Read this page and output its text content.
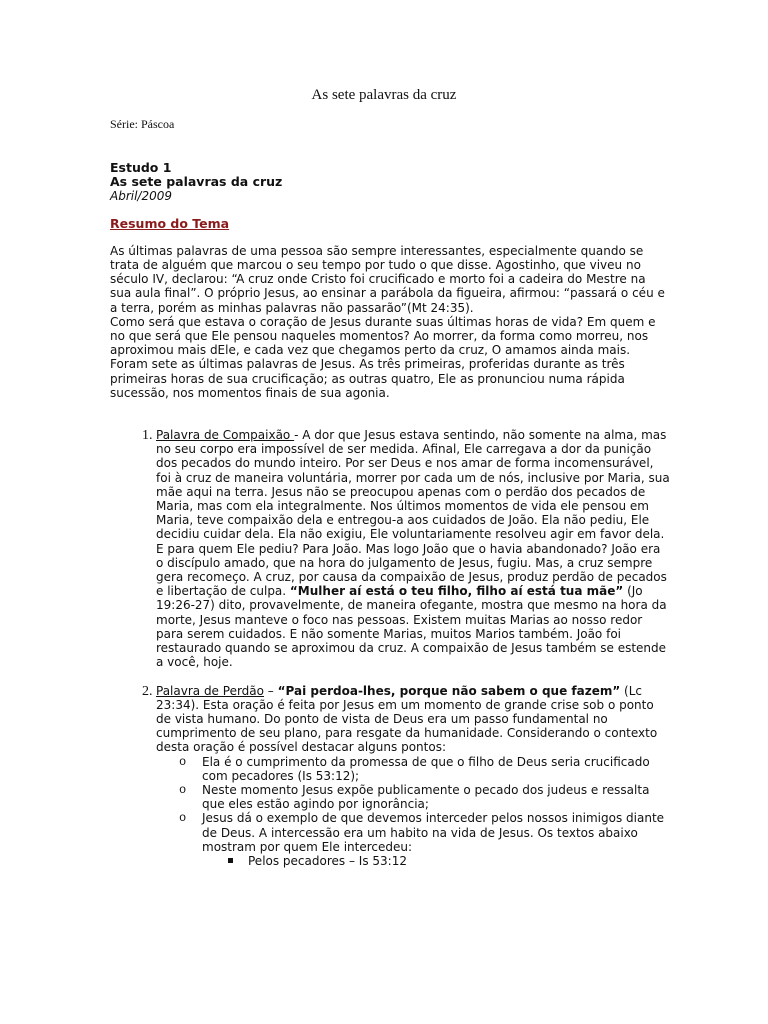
As sete palavras da cruz
Série: Páscoa
Estudo 1
As sete palavras da cruz
Abril/2009
Resumo do Tema

As últimas palavras de uma pessoa são sempre interessantes, especialmente quando se trata de alguém que marcou o seu tempo por tudo o que disse. Agostinho, que viveu no século IV, declarou: “A cruz onde Cristo foi crucificado e morto foi a cadeira do Mestre na sua aula final”. O próprio Jesus, ao ensinar a parábola da figueira, afirmou: “passará o céu e a terra, porém as minhas palavras não passarão”(Mt 24:35).

Como será que estava o coração de Jesus durante suas últimas horas de vida? Em quem e no que será que Ele pensou naqueles momentos? Ao morrer, da forma como morreu, nos aproximou mais dEle, e cada vez que chegamos perto da cruz, O amamos ainda mais.

Foram sete as últimas palavras de Jesus. As três primeiras, proferidas durante as três primeiras horas de sua crucificação; as outras quatro, Ele as pronunciou numa rápida sucessão, nos momentos finais de sua agonia.

1. Palavra de Compaixão - A dor que Jesus estava sentindo, não somente na alma, mas no seu corpo era impossível de ser medida. Afinal, Ele carregava a dor da punição dos pecados do mundo inteiro. Por ser Deus e nos amar de forma incomensurável, foi à cruz de maneira voluntária, morrer por cada um de nós, inclusive por Maria, sua mãe aqui na terra. Jesus não se preocupou apenas com o perdão dos pecados de Maria, mas com ela integralmente. Nos últimos momentos de vida ele pensou em Maria, teve compaixão dela e entregou-a aos cuidados de João. Ela não pediu, Ele decidiu cuidar dela. Ela não exigiu, Ele voluntariamente resolveu agir em favor dela. E para quem Ele pediu? Para João. Mas logo João que o havia abandonado? João era o discípulo amado, que na hora do julgamento de Jesus, fugiu. Mas, a cruz sempre gera recomeço. A cruz, por causa da compaixão de Jesus, produz perdão de pecados e libertação de culpa. “Mulher aí está o teu filho, filho aí está tua mãe” (Jo 19:26-27) dito, provavelmente, de maneira ofegante, mostra que mesmo na hora da morte, Jesus manteve o foco nas pessoas. Existem muitas Marias ao nosso redor para serem cuidados. E não somente Marias, muitos Marios também. João foi restaurado quando se aproximou da cruz. A compaixão de Jesus também se estende a você, hoje.
2. Palavra de Perdão – “Pai perdoa-lhes, porque não sabem o que fazem” (Lc 23:34). Esta oração é feita por Jesus em um momento de grande crise sob o ponto de vista humano. Do ponto de vista de Deus era um passo fundamental no cumprimento de seu plano, para resgate da humanidade. Considerando o contexto desta oração é possível destacar alguns pontos:
o Ela é o cumprimento da promessa de que o filho de Deus seria crucificado com pecadores (Is 53:12);
o Neste momento Jesus expõe publicamente o pecado dos judeus e ressalta que eles estão agindo por ignorância;
o Jesus dá o exemplo de que devemos interceder pelos nossos inimigos diante de Deus. A intercessão era um habito na vida de Jesus. Os textos abaixo mostram por quem Ele intercedeu:
Pelos pecadores – Is 53:12
